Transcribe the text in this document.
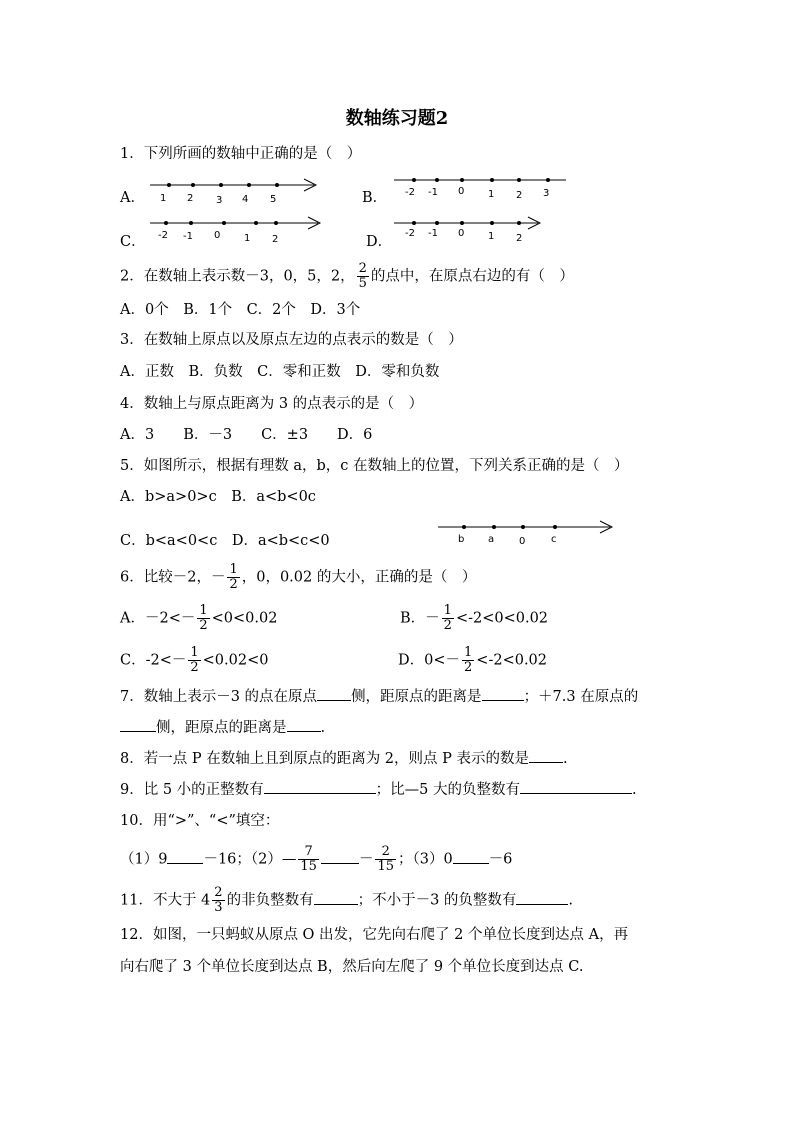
数轴练习题2
1．下列所画的数轴中正确的是（　）
A．	B．
C．	D．
1 2 3 4 5
-2 -1 0 1 2 3
-2 -1 0 1 2
-2 -1 0 1 2
2．在数轴上表示数－3，0，5，2， $\frac{2}{5}$ 的点中，在原点右边的有（　）
A．0个　B．1个　C．2个　D．3个
3．在数轴上原点以及原点左边的点表示的数是（　）
A．正数　B．负数　C．零和正数　D．零和负数
4．数轴上与原点距离为 3 的点表示的是（　）
A．3　　B．－3　　C．±3　　D．6
5．如图所示，根据有理数 a，b，c 在数轴上的位置，下列关系正确的是（　）
A．b>a>0>c　B．a<b<0c
C．b<a<0<c　D．a<b<c<0	b a 0	c
6．比较－2，－ $\frac{1}{2}$ ，0，0.02 的大小，正确的是（　）
A．$-2<- \frac{1}{2} <0<0.02$	B．－ $\frac{1}{2} <-2<0<0.02$
C．$-2<- \frac{1}{2} <0.02<0$	D．$0<- \frac{1}{2} <-2<0.02$
7．数轴上表示－3 的点在原点 侧，距原点的距离是	；＋7.3 在原点的
侧，距原点的距离是 .
8．若一点 P 在数轴上且到原点的距离为 2，则点 P 表示的数是 .
9．比 5 小的正整数有	；比—5 大的负整数有	.
10．用“>”、“<”填空：
（1）9 －16；（2）— $\frac{7}{15}$	－ $\frac{2}{15}$ ；（3）0 －6
11．不大于 $4 \frac{2}{3}$ 的非负整数有	；不小于－3 的负整数有	.
12．如图，一只蚂蚁从原点 O 出发，它先向右爬了 2 个单位长度到达点 A，再
向右爬了 3 个单位长度到达点 B，然后向左爬了 9 个单位长度到达点 C.
